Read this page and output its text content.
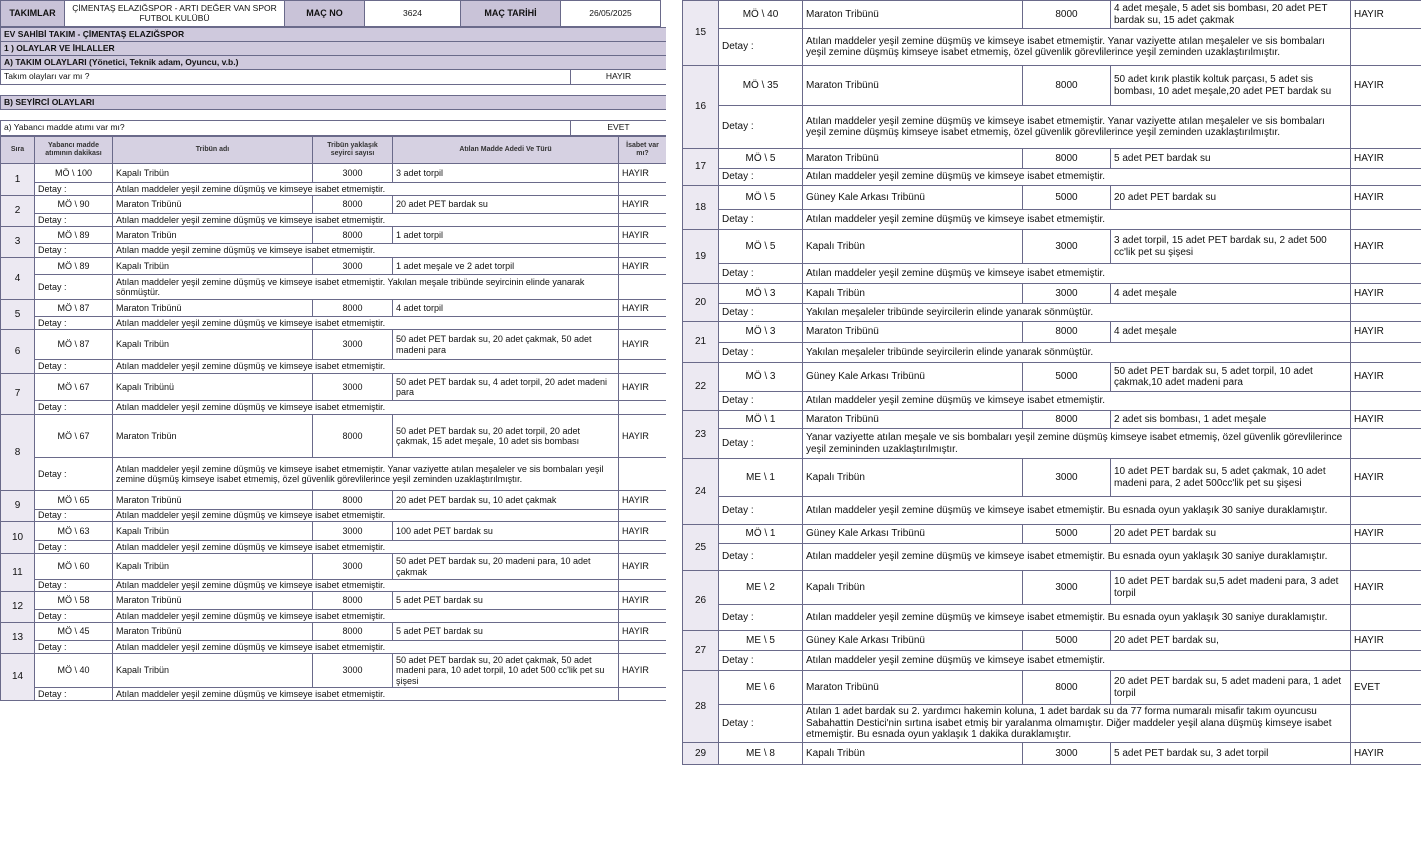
TAKIMLAR	ÇİMENTAŞ ELAZIĞSPOR - ARTI DEĞER VAN SPOR FUTBOL KULÜBÜ	MAÇ NO	3624	MAÇ TARİHİ	26/05/2025
EV SAHİBİ TAKIM - ÇİMENTAŞ ELAZIĞSPOR	
1 ) OLAYLAR VE İHLALLER	
A) TAKIM OLAYLARI (Yönetici, Teknik adam, Oyuncu, v.b.)	
Takım olayları var mı ?	HAYIR

B) SEYİRCİ OLAYLARI	

a) Yabancı madde atımı var mı?	EVET
Sıra	Yabancı madde atımının dakikası	Tribün adı	Tribün yaklaşık seyirci sayısı	Atılan Madde Adedi Ve Türü	İsabet var mı?
1	MÖ \ 100	Kapalı Tribün	3000	3 adet torpil	HAYIR
	Detay :	Atılan maddeler yeşil zemine düşmüş ve kimseye isabet etmemiştir.			
2	MÖ \ 90	Maraton Tribünü	8000	20 adet PET bardak su	HAYIR
	Detay :	Atılan maddeler yeşil zemine düşmüş ve kimseye isabet etmemiştir.			
3	MÖ \ 89	Maraton Tribün	8000	1 adet torpil	HAYIR
	Detay :	Atılan madde yeşil zemine düşmüş ve kimseye isabet etmemiştir.			
4	MÖ \ 89	Kapalı Tribün	3000	1 adet meşale ve 2 adet torpil	HAYIR
	Detay :	Atılan maddeler yeşil zemine düşmüş ve kimseye isabet etmemiştir. Yakılan meşale tribünde seyircinin elinde yanarak sönmüştür.			
5	MÖ \ 87	Maraton Tribünü	8000	4 adet torpil	HAYIR
	Detay :	Atılan maddeler yeşil zemine düşmüş ve kimseye isabet etmemiştir.			
6	MÖ \ 87	Kapalı Tribün	3000	50 adet PET bardak su, 20 adet çakmak, 50 adet madeni para	HAYIR
	Detay :	Atılan maddeler yeşil zemine düşmüş ve kimseye isabet etmemiştir.			
7	MÖ \ 67	Kapalı Tribünü	3000	50 adet PET bardak su, 4 adet torpil, 20 adet madeni para	HAYIR
	Detay :	Atılan maddeler yeşil zemine düşmüş ve kimseye isabet etmemiştir.			
8	MÖ \ 67	Maraton Tribün	8000	50 adet PET bardak su, 20 adet torpil, 20 adet çakmak, 15 adet meşale, 10 adet sis bombası	HAYIR
	Detay :	Atılan maddeler yeşil zemine düşmüş ve kimseye isabet etmemiştir. Yanar vaziyette atılan meşaleler ve sis bombaları yeşil zemine düşmüş kimseye isabet etmemiş, özel güvenlik görevlilerince yeşil zeminden uzaklaştırılmıştır.			
9	MÖ \ 65	Maraton Tribünü	8000	20 adet PET bardak su, 10 adet çakmak	HAYIR
	Detay :	Atılan maddeler yeşil zemine düşmüş ve kimseye isabet etmemiştir.			
10	MÖ \ 63	Kapalı Tribün	3000	100 adet PET bardak su	HAYIR
	Detay :	Atılan maddeler yeşil zemine düşmüş ve kimseye isabet etmemiştir.			
11	MÖ \ 60	Kapalı Tribün	3000	50 adet PET bardak su, 20 madeni para, 10 adet çakmak	HAYIR
	Detay :	Atılan maddeler yeşil zemine düşmüş ve kimseye isabet etmemiştir.			
12	MÖ \ 58	Maraton Tribünü	8000	5 adet PET bardak su	HAYIR
	Detay :	Atılan maddeler yeşil zemine düşmüş ve kimseye isabet etmemiştir.			
13	MÖ \ 45	Maraton Tribünü	8000	5 adet PET bardak su	HAYIR
	Detay :	Atılan maddeler yeşil zemine düşmüş ve kimseye isabet etmemiştir.			
14	MÖ \ 40	Kapalı Tribün	3000	50 adet PET bardak su, 20 adet çakmak, 50 adet madeni para, 10 adet torpil, 10 adet 500 cc'lik pet su şişesi	HAYIR
	Detay :	Atılan maddeler yeşil zemine düşmüş ve kimseye isabet etmemiştir.			
15	MÖ \ 40	Maraton Tribünü	8000	4 adet meşale, 5 adet sis bombası, 20 adet PET bardak su, 15 adet çakmak	HAYIR
	Detay :	Atılan maddeler yeşil zemine düşmüş ve kimseye isabet etmemiştir. Yanar vaziyette atılan meşaleler ve sis bombaları yeşil zemine düşmüş kimseye isabet etmemiş, özel güvenlik görevlilerince yeşil zeminden uzaklaştırılmıştır.			
16	MÖ \ 35	Maraton Tribünü	8000	50 adet kırık plastik koltuk parçası, 5 adet sis bombası, 10 adet meşale,20 adet PET bardak su	HAYIR
	Detay :	Atılan maddeler yeşil zemine düşmüş ve kimseye isabet etmemiştir. Yanar vaziyette atılan meşaleler ve sis bombaları yeşil zemine düşmüş kimseye isabet etmemiş, özel güvenlik görevlilerince yeşil zeminden uzaklaştırılmıştır.			
17	MÖ \ 5	Maraton Tribünü	8000	5 adet PET bardak su	HAYIR
	Detay :	Atılan maddeler yeşil zemine düşmüş ve kimseye isabet etmemiştir.			
18	MÖ \ 5	Güney Kale Arkası Tribünü	5000	20 adet PET bardak su	HAYIR
	Detay :	Atılan maddeler yeşil zemine düşmüş ve kimseye isabet etmemiştir.			
19	MÖ \ 5	Kapalı Tribün	3000	3 adet torpil, 15 adet PET bardak su, 2 adet 500 cc'lik pet su şişesi	HAYIR
	Detay :	Atılan maddeler yeşil zemine düşmüş ve kimseye isabet etmemiştir.			
20	MÖ \ 3	Kapalı Tribün	3000	4 adet meşale	HAYIR
	Detay :	Yakılan meşaleler tribünde seyircilerin elinde yanarak sönmüştür.			
21	MÖ \ 3	Maraton Tribünü	8000	4 adet meşale	HAYIR
	Detay :	Yakılan meşaleler tribünde seyircilerin elinde yanarak sönmüştür.			
22	MÖ \ 3	Güney Kale Arkası Tribünü	5000	50 adet PET bardak su, 5 adet torpil, 10 adet çakmak,10 adet madeni para	HAYIR
	Detay :	Atılan maddeler yeşil zemine düşmüş ve kimseye isabet etmemiştir.			
23	MÖ \ 1	Maraton Tribünü	8000	2 adet sis bombası, 1 adet meşale	HAYIR
	Detay :	Yanar vaziyette atılan meşale ve sis bombaları yeşil zemine düşmüş kimseye isabet etmemiş, özel güvenlik görevlilerince yeşil zemininden uzaklaştırılmıştır.			
24	ME \ 1	Kapalı Tribün	3000	10 adet PET bardak su, 5 adet çakmak, 10 adet madeni para, 2 adet 500cc'lik pet su şişesi	HAYIR
	Detay :	Atılan maddeler yeşil zemine düşmüş ve kimseye isabet etmemiştir. Bu esnada oyun yaklaşık 30 saniye duraklamıştır.			
25	MÖ \ 1	Güney Kale Arkası Tribünü	5000	20 adet PET bardak su	HAYIR
	Detay :	Atılan maddeler yeşil zemine düşmüş ve kimseye isabet etmemiştir. Bu esnada oyun yaklaşık 30 saniye duraklamıştır.			
26	ME \ 2	Kapalı Tribün	3000	10 adet PET bardak su,5 adet madeni para, 3 adet torpil	HAYIR
	Detay :	Atılan maddeler yeşil zemine düşmüş ve kimseye isabet etmemiştir. Bu esnada oyun yaklaşık 30 saniye duraklamıştır.			
27	ME \ 5	Güney Kale Arkası Tribünü	5000	20 adet PET bardak su,	HAYIR
	Detay :	Atılan maddeler yeşil zemine düşmüş ve kimseye isabet etmemiştir.			
28	ME \ 6	Maraton Tribünü	8000	20 adet PET bardak su, 5 adet madeni para, 1 adet torpil	EVET
	Detay :	Atılan 1 adet bardak su 2. yardımcı hakemin koluna, 1 adet bardak su da 77 forma numaralı misafir takım oyuncusu Sabahattin Destici'nin sırtına isabet etmiş bir yaralanma olmamıştır. Diğer maddeler yeşil alana düşmüş kimseye isabet etmemiştir. Bu esnada oyun yaklaşık 1 dakika duraklamıştır.			
29	ME \ 8	Kapalı Tribün	3000	5 adet PET bardak su, 3 adet torpil	HAYIR
